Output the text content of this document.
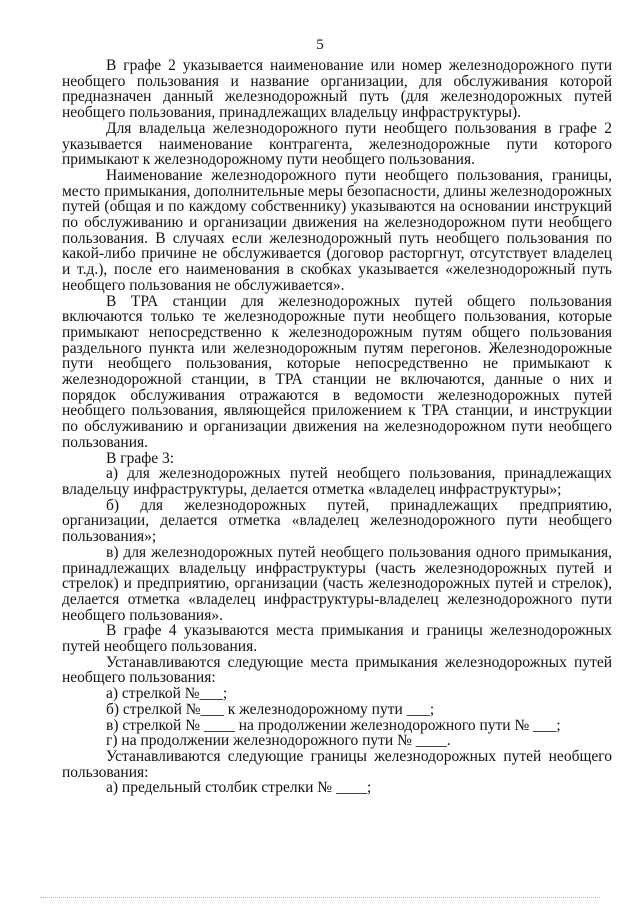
5

В графе 2 указывается наименование или номер железнодорожного пути необщего пользования и название организации, для обслуживания которой предназначен данный железнодорожный путь (для железнодорожных путей необщего пользования, принадлежащих владельцу инфраструктуры).

Для владельца железнодорожного пути необщего пользования в графе 2 указывается наименование контрагента, железнодорожные пути которого примыкают к железнодорожному пути необщего пользования.

Наименование железнодорожного пути необщего пользования, границы, место примыкания, дополнительные меры безопасности, длины железнодорожных путей (общая и по каждому собственнику) указываются на основании инструкций по обслуживанию и организации движения на железнодорожном пути необщего пользования. В случаях если железнодорожный путь необщего пользования по какой-либо причине не обслуживается (договор расторгнут, отсутствует владелец и т.д.), после его наименования в скобках указывается «железнодорожный путь необщего пользования не обслуживается».

В ТРА станции для железнодорожных путей общего пользования включаются только те железнодорожные пути необщего пользования, которые примыкают непосредственно к железнодорожным путям общего пользования раздельного пункта или железнодорожным путям перегонов. Железнодорожные пути необщего пользования, которые непосредственно не примыкают к железнодорожной станции, в ТРА станции не включаются, данные о них и порядок обслуживания отражаются в ведомости железнодорожных путей необщего пользования, являющейся приложением к ТРА станции, и инструкции по обслуживанию и организации движения на железнодорожном пути необщего пользования.

В графе 3:

а) для железнодорожных путей необщего пользования, принадлежащих владельцу инфраструктуры, делается отметка «владелец инфраструктуры»;

б) для железнодорожных путей, принадлежащих предприятию, организации, делается отметка «владелец железнодорожного пути необщего пользования»;

в) для железнодорожных путей необщего пользования одного примыкания, принадлежащих владельцу инфраструктуры (часть железнодорожных путей и стрелок) и предприятию, организации (часть железнодорожных путей и стрелок), делается отметка «владелец инфраструктуры-владелец железнодорожного пути необщего пользования».

В графе 4 указываются места примыкания и границы железнодорожных путей необщего пользования.

Устанавливаются следующие места примыкания железнодорожных путей необщего пользования:

а) стрелкой №___;

б) стрелкой №___ к железнодорожному пути ___;

в) стрелкой № ____ на продолжении железнодорожного пути № ___;

г) на продолжении железнодорожного пути № ____.

Устанавливаются следующие границы железнодорожных путей необщего пользования:

а) предельный столбик стрелки № ____;
